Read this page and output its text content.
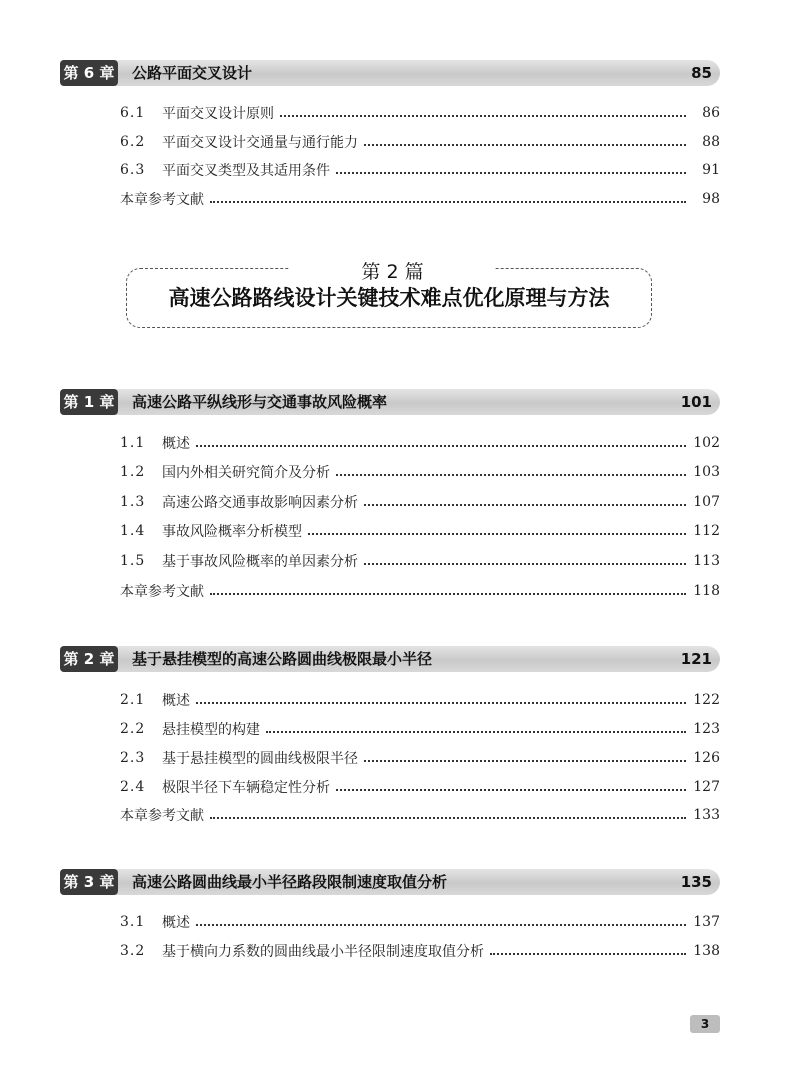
第 6 章 公路平面交叉设计	85
6.1	平面交叉设计原则	86
6.2	平面交叉设计交通量与通行能力	88
6.3	平面交叉类型及其适用条件	91
本章参考文献	98
第 2 篇
高速公路路线设计关键技术难点优化原理与方法
第 1 章 高速公路平纵线形与交通事故风险概率	101
1.1	概述	102
1.2	国内外相关研究简介及分析	103
1.3	高速公路交通事故影响因素分析	107
1.4	事故风险概率分析模型	112
1.5	基于事故风险概率的单因素分析	113
本章参考文献	118
第 2 章 基于悬挂模型的高速公路圆曲线极限最小半径	121
2.1	概述	122
2.2	悬挂模型的构建	123
2.3	基于悬挂模型的圆曲线极限半径	126
2.4	极限半径下车辆稳定性分析	127
本章参考文献	133
第 3 章 高速公路圆曲线最小半径路段限制速度取值分析	135
3.1	概述	137
3.2	基于横向力系数的圆曲线最小半径限制速度取值分析	138
3
